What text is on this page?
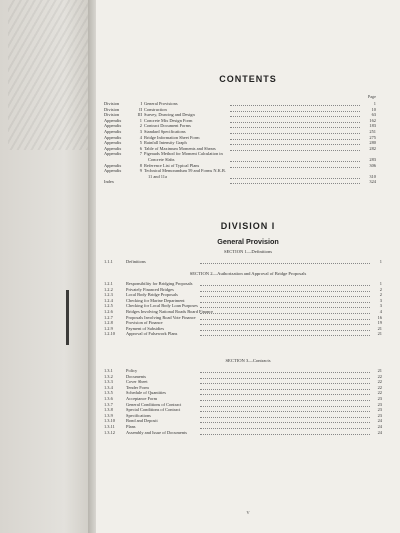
CONTENTS
Page
Division	I General Provisions	1
Division	II Construction	10
Division	III Survey, Drawing and Design	63
Appendix	1 Concrete Mix Design Form	162
Appendix	2 Contract Document Forms	183
Appendix	3 Standard Specifications	251
Appendix	4 Bridge Information Sheet Form	275
Appendix	5 Rainfall Intensity Graph	280
Appendix	6 Table of Maximum Moments and Shears	282
Appendix	7 Pigeauds Method for Moment Calculation in
Concrete Slabs	283
Appendix	8 Reference List of Typical Plans	306
Appendix	9 Technical Memorandum 59 and Forms N.K.B.
11 and 11a	310
Index	324
DIVISION I
General Provision
SECTION 1—Definitions
1.1.1	Definitions	1
SECTION 2—Authorization and Approval of Bridge Proposals
1.2.1	Responsibility for Bridging Proposals	1
1.2.2	Privately Financed Bridges	2
1.2.3	Local Body Bridge Proposals	2
1.2.4	Checking for Marine Department	3
1.2.5	Checking for Local Body Loan Purposes	3
1.2.6	Bridges Involving National Roads Board Finance	4
1.2.7	Proposals Involving Road Vote Finance	16
1.2.8	Provision of Finance	19
1.2.9	Payment of Subsidies	21
1.2.10	Approval of Falsework Plans	21
SECTION 3—Contracts
1.3.1	Policy	21
1.3.2	Documents	22
1.3.3	Cover Sheet	22
1.3.4	Tender Form	22
1.3.5	Schedule of Quantities	22
1.3.6	Acceptance Form	23
1.3.7	General Conditions of Contract	23
1.3.8	Special Conditions of Contract	23
1.3.9	Specifications	23
1.3.10	Bond and Deposit	24
1.3.11	Plans	24
1.3.12	Assembly and Issue of Documents	24
V
